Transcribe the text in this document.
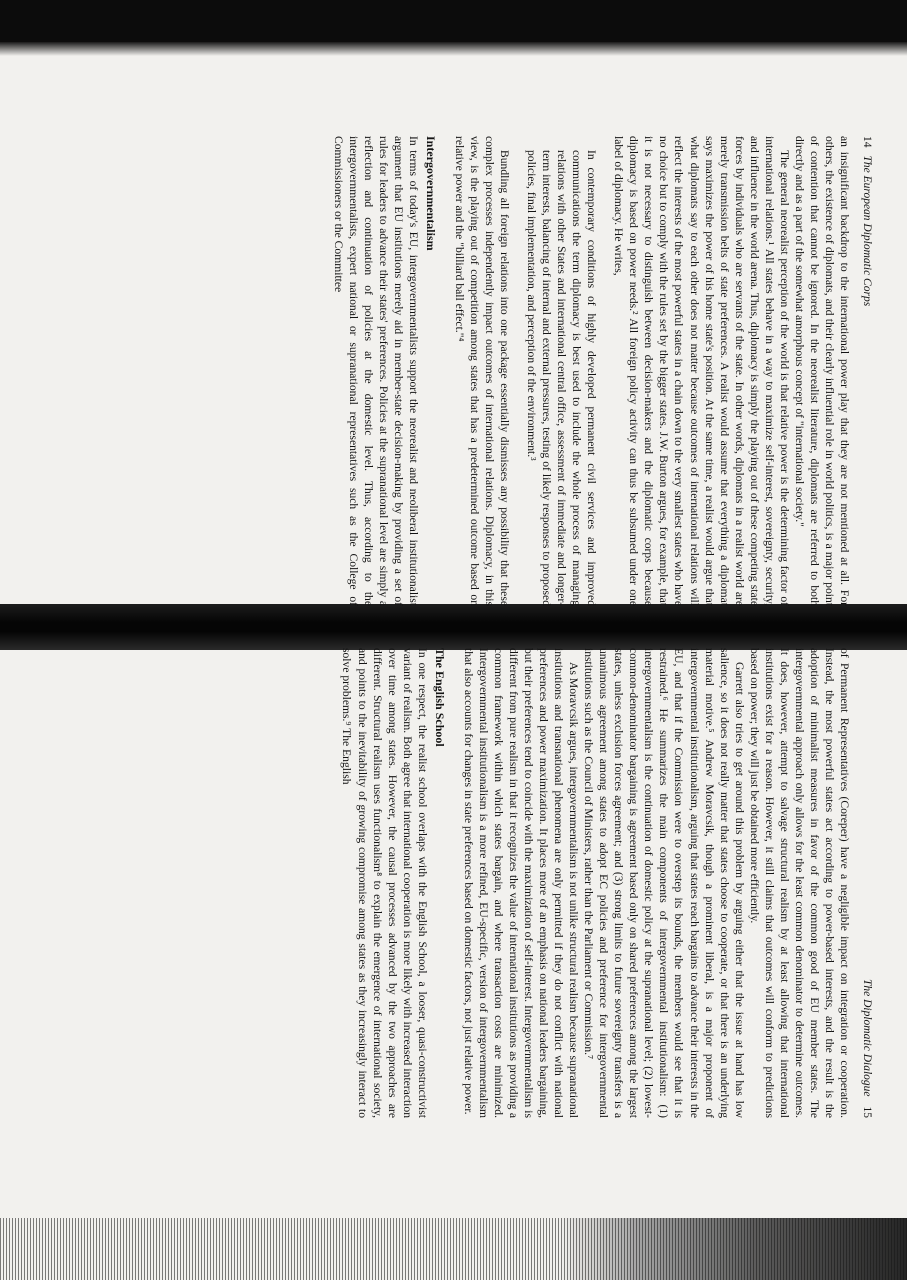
14
The European Diplomatic Corps

an insignificant backdrop to the international power play that they are not mentioned at all. For others, the existence of diplomats, and their clearly influential role in world politics, is a major point of contention that cannot be ignored. In the neorealist literature, diplomats are referred to both directly and as a part of the somewhat amorphous concept of "international society."

The general neorealist perception of the world is that relative power is the determining factor of international relations.¹ All states behave in a way to maximize self-interest, sovereignty, security, and influence in the world arena. Thus, diplomacy is simply the playing out of these competing state forces by individuals who are servants of the state. In other words, diplomats in a realist world are merely transmission belts of state preferences. A realist would assume that everything a diplomat says maximizes the power of his home state's position. At the same time, a realist would argue that what diplomats say to each other does not matter because outcomes of international relations will reflect the interests of the most powerful states in a chain down to the very smallest states who have no choice but to comply with the rules set by the bigger states. J.W. Burton argues, for example, that it is not necessary to distinguish between decision-makers and the diplomatic corps because diplomacy is based on power needs.² All foreign policy activity can thus be subsumed under one label of diplomacy. He writes,

In contemporary conditions of highly developed permanent civil services and improved communications the term diplomacy is best used to include the whole process of managing relations with other States and international central office, assessment of immediate and longer-term interests, balancing of internal and external pressures, testing of likely responses to proposed policies, final implementation, and perception of the environment.³

Bundling all foreign relations into one package essentially dismisses any possibility that these complex processes independently impact outcomes of international relations. Diplomacy, in this view, is the playing out of competition among states that has a predetermined outcome based on relative power and the "billiard ball effect."⁴

Intergovernmentalism

In terms of today's EU, intergovernmentalists support the neorealist and neoliberal institutionalist argument that EU institutions merely aid in member-state decision-making by providing a set of rules for leaders to advance their states' preferences. Policies at the supranational level are simply a reflection and continuation of policies at the domestic level. Thus, according to the intergovernmentalists, expert national or supranational representatives such as the College of Commissioners or the Committee

The Diplomatic Dialogue
15

of Permanent Representatives (Coreper) have a negligible impact on integration or cooperation. Instead, the most powerful states act according to power-based interests, and the result is the adoption of minimalist measures in favor of the common good of EU member states. The intergovernmental approach only allows for the least common denominator to determine outcomes. It does, however, attempt to salvage structural realism by at least allowing that international institutions exist for a reason. However, it still claims that outcomes will conform to predictions based on power; they will just be obtained more efficiently.

Garrett also tries to get around this problem by arguing either that the issue at hand has low salience, so it does not really matter that states choose to cooperate, or that there is an underlying material motive.⁵ Andrew Moravcsik, though a prominent liberal, is a major proponent of intergovernmental institutionalism, arguing that states reach bargains to advance their interests in the EU, and that if the Commission were to overstep its bounds, the members would see that it is restrained.⁶ He summarizes the main components of intergovernmental institutionalism: (1) intergovernmentalism is the continuation of domestic policy at the supranational level; (2) lowest-common-denominator bargaining is agreement based only on shared preferences among the largest states, unless exclusion forces agreement; and (3) strong limits to future sovereignty transfers is a unanimous agreement among states to adopt EC policies and preference for intergovernmental institutions such as the Council of Ministers, rather than the Parliament or Commission.⁷

As Moravcsik argues, intergovernmentalism is not unlike structural realism because supranational institutions and transnational phenomena are only permitted if they do not conflict with national preferences and power maximization. It places more of an emphasis on national leaders bargaining, but their preferences tend to coincide with the maximization of self-interest. Intergovernmentalism is different from pure realism in that it recognizes the value of international institutions as providing a common framework within which states bargain, and where transaction costs are minimized. Intergovernmental institutionalism is a more refined, EU-specific, version of intergovernmentalism that also accounts for changes in state preferences based on domestic factors, not just relative power.

The English School

In one respect, the realist school overlaps with the English School, a looser, quasi-constructivist variant of realism. Both agree that international cooperation is more likely with increased interaction over time among states. However, the causal processes advanced by the two approaches are different. Structural realism uses functionalism⁸ to explain the emergence of international society, and points to the inevitability of growing compromise among states as they increasingly interact to solve problems.⁹ The English
